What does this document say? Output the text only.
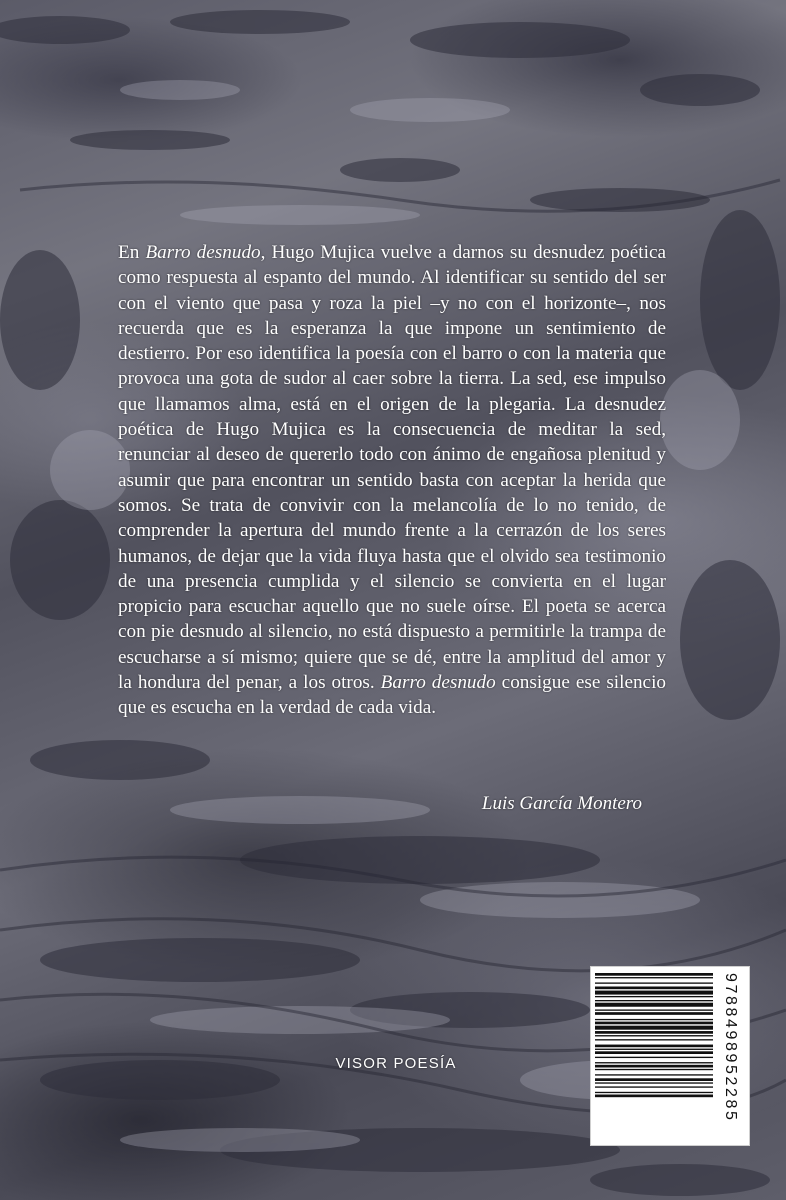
En Barro desnudo, Hugo Mujica vuelve a darnos su desnudez poética como respuesta al espanto del mundo. Al identificar su sentido del ser con el viento que pasa y roza la piel –y no con el horizonte–, nos recuerda que es la esperanza la que impone un sentimiento de destierro. Por eso identifica la poesía con el barro o con la materia que provoca una gota de sudor al caer sobre la tierra. La sed, ese impulso que llamamos alma, está en el origen de la plegaria. La desnudez poética de Hugo Mujica es la consecuencia de meditar la sed, renunciar al deseo de quererlo todo con ánimo de engañosa plenitud y asumir que para encontrar un sentido basta con aceptar la herida que somos. Se trata de convivir con la melancolía de lo no tenido, de comprender la apertura del mundo frente a la cerrazón de los seres humanos, de dejar que la vida fluya hasta que el olvido sea testimonio de una presencia cumplida y el silencio se convierta en el lugar propicio para escuchar aquello que no suele oírse. El poeta se acerca con pie desnudo al silencio, no está dispuesto a permitirle la trampa de escucharse a sí mismo; quiere que se dé, entre la amplitud del amor y la hondura del penar, a los otros. Barro desnudo consigue ese silencio que es escucha en la verdad de cada vida.

Luis García Montero
VISOR POESÍA	9788498952285
